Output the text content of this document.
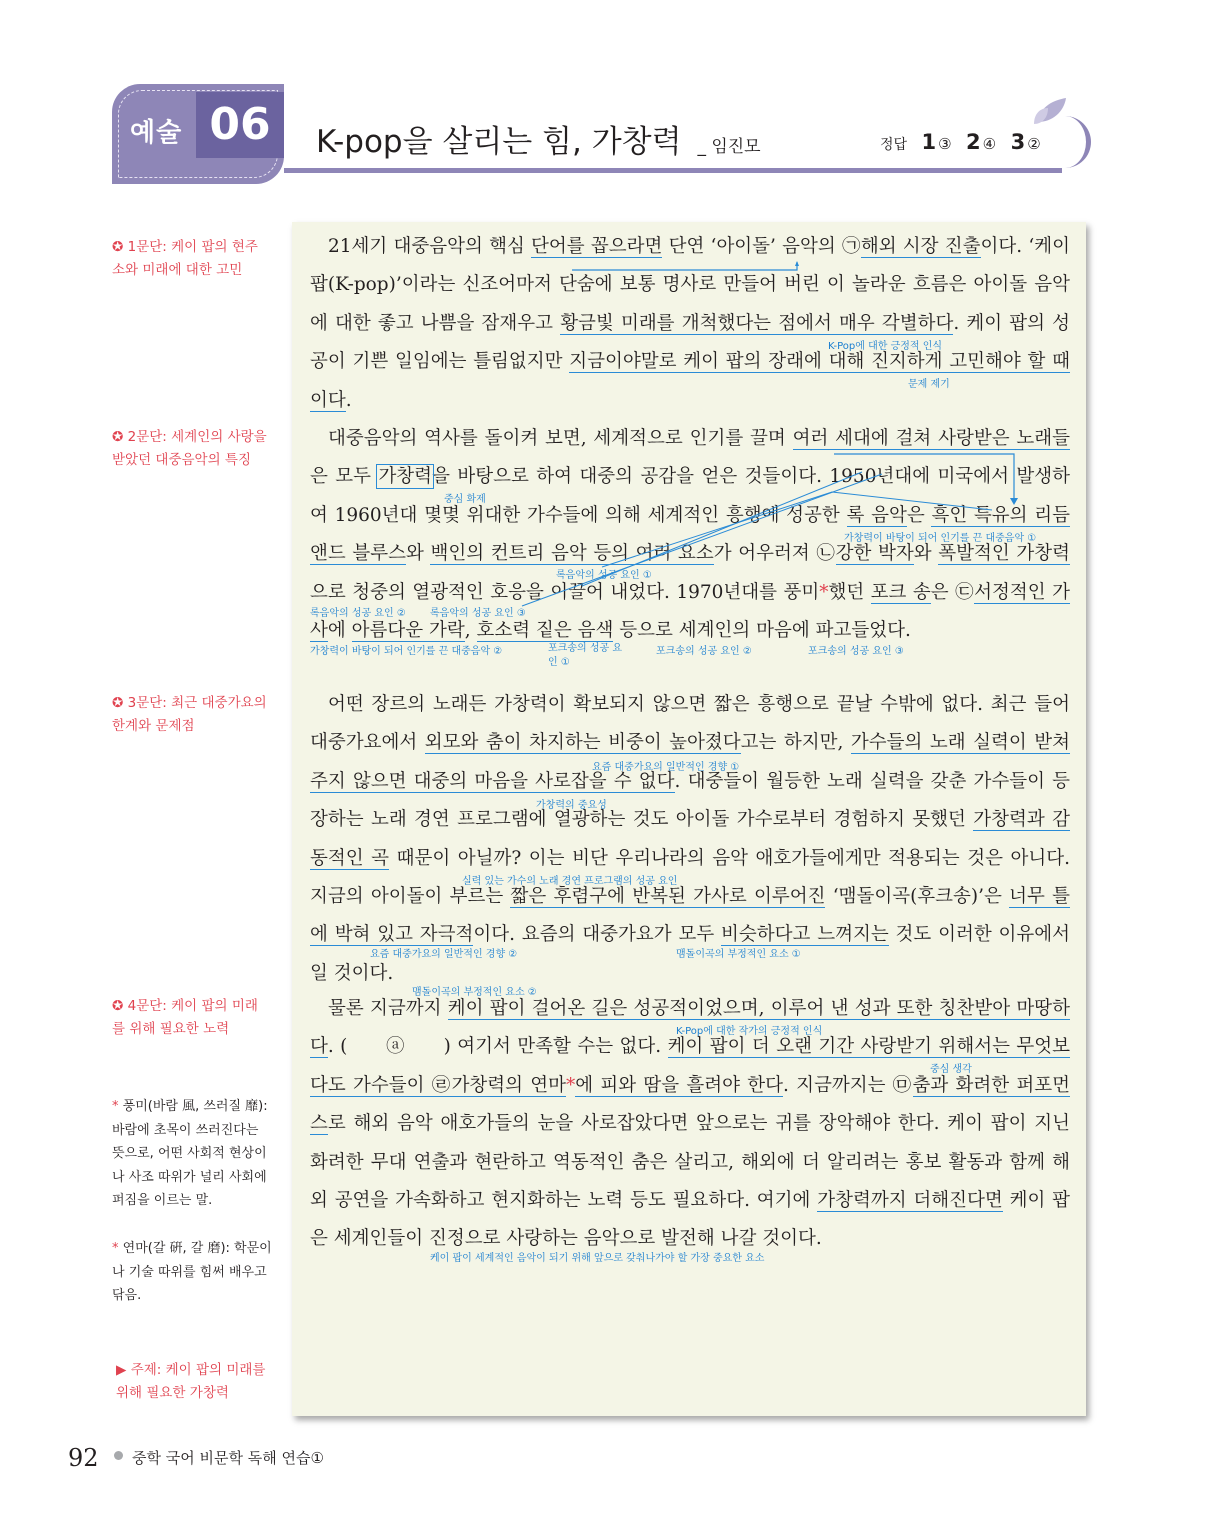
예술 06	K-pop을 살리는 힘, 가창력 _ 임진모	정답 1 ③ 2 ④ 3 ②
✪ 1문단: 케이 팝의 현주소와 미래에 대한 고민
✪ 2문단: 세계인의 사랑을 받았던 대중음악의 특징
✪ 3문단: 최근 대중가요의 한계와 문제점
✪ 4문단: 케이 팝의 미래를 위해 필요한 노력
* 풍미(바람 風, 쓰러질 靡): 바람에 초목이 쓰러진다는 뜻으로, 어떤 사회적 현상이나 사조 따위가 널리 사회에 퍼짐을 이르는 말.
* 연마(갈 硏, 갈 磨): 학문이나 기술 따위를 힘써 배우고 닦음.
▶ 주제: 케이 팝의 미래를 위해 필요한 가창력
21세기 대중음악의 핵심 단어를 꼽으라면 단연 ‘아이돌’ 음악의 ㉠해외 시장 진출이다. ‘케이 팝(K-pop)’이라는 신조어마저 단숨에 보통 명사로 만들어 버린 이 놀라운 흐름은 아이돌 음악에 대한 좋고 나쁨을 잠재우고 황금빛 미래를 개척했다는 점에서 매우 각별하다. 케이 팝의 성공이 기쁜 일임에는 틀림없지만 지금이야말로 케이 팝의 장래에 대해 진지하게 고민해야 할 때이다.
대중음악의 역사를 돌이켜 보면, 세계적으로 인기를 끌며 여러 세대에 걸쳐 사랑받은 노래들은 모두 가창력을 바탕으로 하여 대중의 공감을 얻은 것들이다. 1950년대에 미국에서 발생하여 1960년대 몇몇 위대한 가수들에 의해 세계적인 흥행에 성공한 록 음악은 흑인 특유의 리듬 앤드 블루스와 백인의 컨트리 음악 등의 여러 요소가 어우러져 ㉡강한 박자와 폭발적인 가창력으로 청중의 열광적인 호응을 이끌어 내었다. 1970년대를 풍미*했던 포크 송은 ㉢서정적인 가사에 아름다운 가락, 호소력 짙은 음색 등으로 세계인의 마음에 파고들었다.
어떤 장르의 노래든 가창력이 확보되지 않으면 짧은 흥행으로 끝날 수밖에 없다. 최근 들어 대중가요에서 외모와 춤이 차지하는 비중이 높아졌다고는 하지만, 가수들의 노래 실력이 받쳐 주지 않으면 대중의 마음을 사로잡을 수 없다. 대중들이 월등한 노래 실력을 갖춘 가수들이 등장하는 노래 경연 프로그램에 열광하는 것도 아이돌 가수로부터 경험하지 못했던 가창력과 감동적인 곡 때문이 아닐까? 이는 비단 우리나라의 음악 애호가들에게만 적용되는 것은 아니다. 지금의 아이돌이 부르는 짧은 후렴구에 반복된 가사로 이루어진 ‘맴돌이곡(후크송)’은 너무 틀에 박혀 있고 자극적이다. 요즘의 대중가요가 모두 비슷하다고 느껴지는 것도 이러한 이유에서일 것이다.
물론 지금까지 케이 팝이 걸어온 길은 성공적이었으며, 이루어 낸 성과 또한 칭찬받아 마땅하다. (      ⓐ      ) 여기서 만족할 수는 없다. 케이 팝이 더 오랜 기간 사랑받기 위해서는 무엇보다도 가수들이 ㉣가창력의 연마*에 피와 땀을 흘려야 한다. 지금까지는 ㉤춤과 화려한 퍼포먼스로 해외 음악 애호가들의 눈을 사로잡았다면 앞으로는 귀를 장악해야 한다. 케이 팝이 지닌 화려한 무대 연출과 현란하고 역동적인 춤은 살리고, 해외에 더 알리려는 홍보 활동과 함께 해외 공연을 가속화하고 현지화하는 노력 등도 필요하다. 여기에 가창력까지 더해진다면 케이 팝은 세계인들이 진정으로 사랑하는 음악으로 발전해 나갈 것이다.
K-Pop에 대한 긍정적 인식
문제 제기
중심 화제
가창력이 바탕이 되어 인기를 끈 대중음악 ①
록음악의 성공 요인 ①
록음악의 성공 요인 ② 록음악의 성공 요인 ③
가창력이 바탕이 되어 인기를 끈 대중음악 ②	포크송의 성공 요인 ①
포크송의 성공 요인 ②	포크송의 성공 요인 ③
요즘 대중가요의 일반적인 경향 ①
가창력의 중요성
실력 있는 가수의 노래 경연 프로그램의 성공 요인
요즘 대중가요의 일반적인 경향 ②	맴돌이곡의 부정적인 요소 ①
맴돌이곡의 부정적인 요소 ②
K-Pop에 대한 작가의 긍정적 인식
중심 생각
케이 팝이 세계적인 음악이 되기 위해 앞으로 갖춰나가야 할 가장 중요한 요소
92 중학 국어 비문학 독해 연습①
